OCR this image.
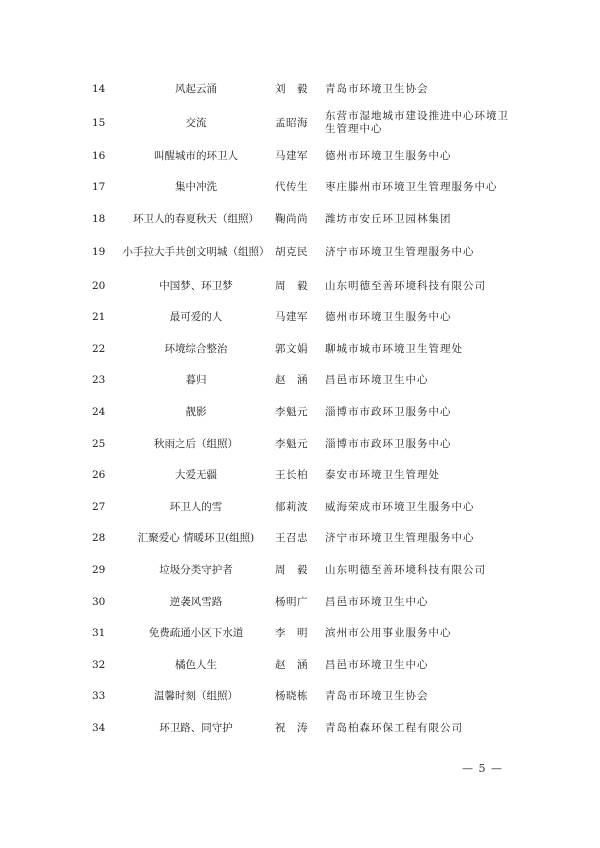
14	风起云涌	刘　毅	青岛市环境卫生协会
15	交流	孟昭海
东营市湿地城市建设推进中心环境卫生管理中心
16	叫醒城市的环卫人	马建军	德州市环境卫生服务中心
17	集中冲洗	代传生	枣庄滕州市环境卫生管理服务中心
18	环卫人的春夏秋天（组照）	鞠尚尚	潍坊市安丘环卫园林集团
19	小手拉大手共创文明城（组照） 胡克民	济宁市环境卫生管理服务中心
20	中国梦、环卫梦	周　毅	山东明德至善环境科技有限公司
21	最可爱的人	马建军	德州市环境卫生服务中心
22	环境综合整治	郭文娟	聊城市城市环境卫生管理处
23	暮归	赵　涵	昌邑市环境卫生中心
24	靓影	李魁元	淄博市市政环卫服务中心
25	秋雨之后（组照）	李魁元	淄博市市政环卫服务中心
26	大爱无疆	王长柏	泰安市环境卫生管理处
27	环卫人的雪	郁莉波	威海荣成市环境卫生服务中心
28	汇聚爱心 情暖环卫(组照)	王召忠	济宁市环境卫生管理服务中心
29	垃圾分类守护者	周　毅	山东明德至善环境科技有限公司
30	逆袭风雪路	杨明广	昌邑市环境卫生中心
31	免费疏通小区下水道	李　明	滨州市公用事业服务中心
32	橘色人生	赵　涵	昌邑市环境卫生中心
33	温馨时刻（组照）	杨晓栋	青岛市环境卫生协会
34	环卫路、同守护	祝　涛	青岛柏森环保工程有限公司
— 5 —
